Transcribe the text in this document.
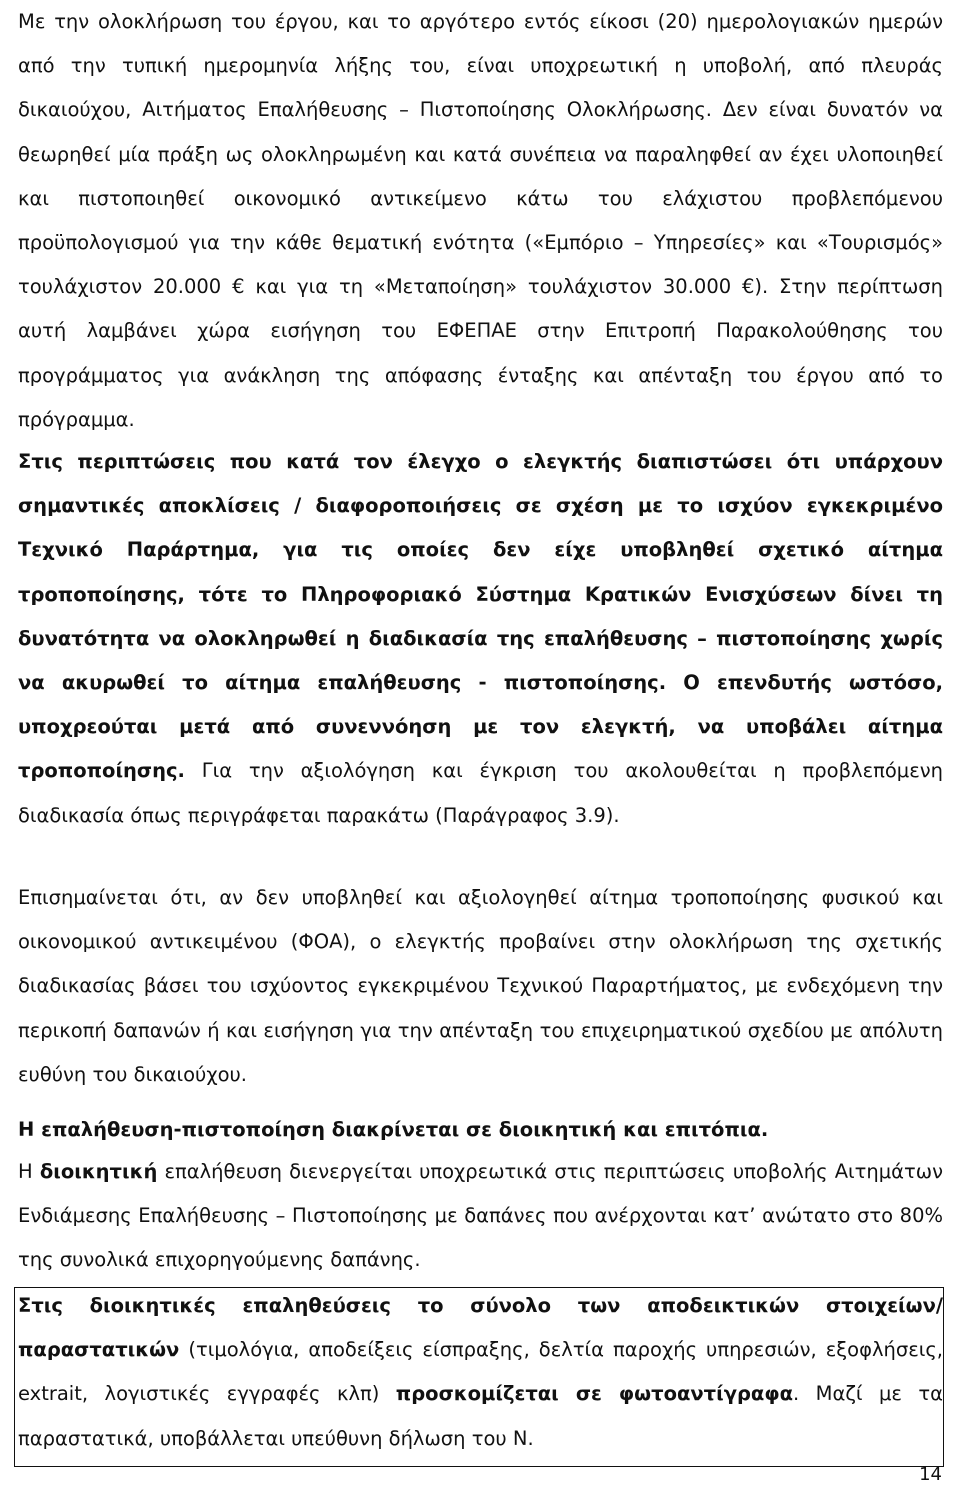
Με την ολοκλήρωση του έργου, και το αργότερο εντός είκοσι (20) ημερολογιακών ημερών από την τυπική ημερομηνία λήξης του, είναι υποχρεωτική η υποβολή, από πλευράς δικαιούχου, Αιτήματος Επαλήθευσης – Πιστοποίησης Ολοκλήρωσης. Δεν είναι δυνατόν να θεωρηθεί μία πράξη ως ολοκληρωμένη και κατά συνέπεια να παραληφθεί αν έχει υλοποιηθεί και πιστοποιηθεί οικονομικό αντικείμενο κάτω του ελάχιστου προβλεπόμενου προϋπολογισμού για την κάθε θεματική ενότητα («Εμπόριο – Υπηρεσίες» και «Τουρισμός» τουλάχιστον 20.000 € και για τη «Μεταποίηση» τουλάχιστον 30.000 €). Στην περίπτωση αυτή λαμβάνει χώρα εισήγηση του ΕΦΕΠΑΕ στην Επιτροπή Παρακολούθησης του προγράμματος για ανάκληση της απόφασης ένταξης και απένταξη του έργου από το πρόγραμμα.

Στις περιπτώσεις που κατά τον έλεγχο ο ελεγκτής διαπιστώσει ότι υπάρχουν σημαντικές αποκλίσεις / διαφοροποιήσεις σε σχέση με το ισχύον εγκεκριμένο Τεχνικό Παράρτημα, για τις οποίες δεν είχε υποβληθεί σχετικό αίτημα τροποποίησης, τότε το Πληροφοριακό Σύστημα Κρατικών Ενισχύσεων δίνει τη δυνατότητα να ολοκληρωθεί η διαδικασία της επαλήθευσης – πιστοποίησης χωρίς να ακυρωθεί το αίτημα επαλήθευσης - πιστοποίησης. Ο επενδυτής ωστόσο, υποχρεούται μετά από συνεννόηση με τον ελεγκτή, να υποβάλει αίτημα τροποποίησης. Για την αξιολόγηση και έγκριση του ακολουθείται η προβλεπόμενη διαδικασία όπως περιγράφεται παρακάτω (Παράγραφος 3.9).

Επισημαίνεται ότι, αν δεν υποβληθεί και αξιολογηθεί αίτημα τροποποίησης φυσικού και οικονομικού αντικειμένου (ΦΟΑ), ο ελεγκτής προβαίνει στην ολοκλήρωση της σχετικής διαδικασίας βάσει του ισχύοντος εγκεκριμένου Τεχνικού Παραρτήματος, με ενδεχόμενη την περικοπή δαπανών ή και εισήγηση για την απένταξη του επιχειρηματικού σχεδίου με απόλυτη ευθύνη του δικαιούχου.

Η επαλήθευση-πιστοποίηση διακρίνεται σε διοικητική και επιτόπια.

Η διοικητική επαλήθευση διενεργείται υποχρεωτικά στις περιπτώσεις υποβολής Αιτημάτων Ενδιάμεσης Επαλήθευσης – Πιστοποίησης με δαπάνες που ανέρχονται κατ’ ανώτατο στο 80% της συνολικά επιχορηγούμενης δαπάνης.

Στις διοικητικές επαληθεύσεις το σύνολο των αποδεικτικών στοιχείων/παραστατικών (τιμολόγια, αποδείξεις είσπραξης, δελτία παροχής υπηρεσιών, εξοφλήσεις, extrait, λογιστικές εγγραφές κλπ) προσκομίζεται σε φωτοαντίγραφα. Μαζί με τα παραστατικά, υποβάλλεται υπεύθυνη δήλωση του Ν.

14
